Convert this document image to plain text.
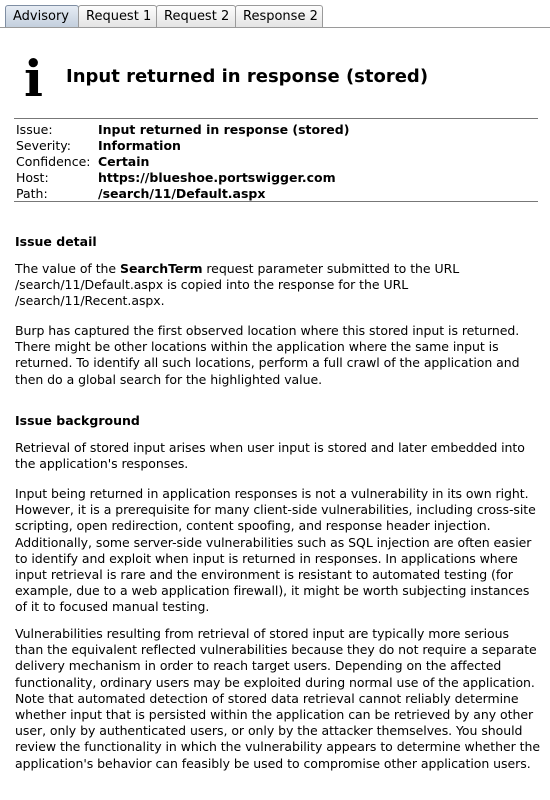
Advisory	Request 1 Request 2	Response 2
i Input returned in response (stored)
Issue:	Input returned in response (stored)
Severity: Information
Confidence: Certain
Host:	https://blueshoe.portswigger.com
Path:	/search/11/Default.aspx
Issue detail
The value of the SearchTerm request parameter submitted to the URL /search/11/Default.aspx is copied into the response for the URL /search/11/Recent.aspx.
Burp has captured the first observed location where this stored input is returned. There might be other locations within the application where the same input is returned. To identify all such locations, perform a full crawl of the application and then do a global search for the highlighted value.
Issue background
Retrieval of stored input arises when user input is stored and later embedded into the application's responses.
Input being returned in application responses is not a vulnerability in its own right. However, it is a prerequisite for many client-side vulnerabilities, including cross-site scripting, open redirection, content spoofing, and response header injection. Additionally, some server-side vulnerabilities such as SQL injection are often easier to identify and exploit when input is returned in responses. In applications where input retrieval is rare and the environment is resistant to automated testing (for example, due to a web application firewall), it might be worth subjecting instances of it to focused manual testing.
Vulnerabilities resulting from retrieval of stored input are typically more serious than the equivalent reflected vulnerabilities because they do not require a separate delivery mechanism in order to reach target users. Depending on the affected functionality, ordinary users may be exploited during normal use of the application. Note that automated detection of stored data retrieval cannot reliably determine whether input that is persisted within the application can be retrieved by any other user, only by authenticated users, or only by the attacker themselves. You should review the functionality in which the vulnerability appears to determine whether the application's behavior can feasibly be used to compromise other application users.
